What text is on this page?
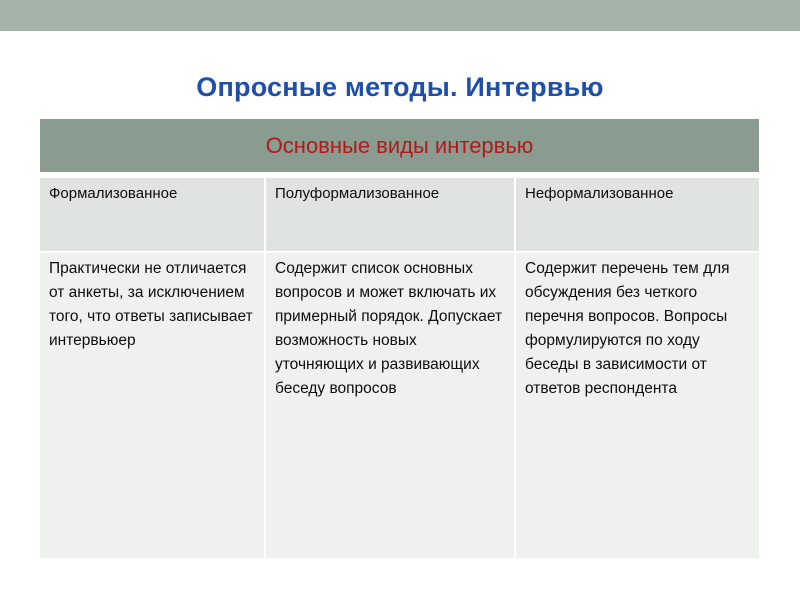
Опросные методы. Интервью
Основные виды интервью
Формализованное	Полуформализованное	Неформализованное
Практически не отличается от анкеты, за исключением того, что ответы записывает интервьюер
Содержит список основных вопросов и может включать их примерный порядок. Допускает возможность новых уточняющих и развивающих беседу вопросов
Содержит перечень тем для обсуждения без четкого перечня вопросов. Вопросы формулируются по ходу беседы в зависимости от ответов респондента
